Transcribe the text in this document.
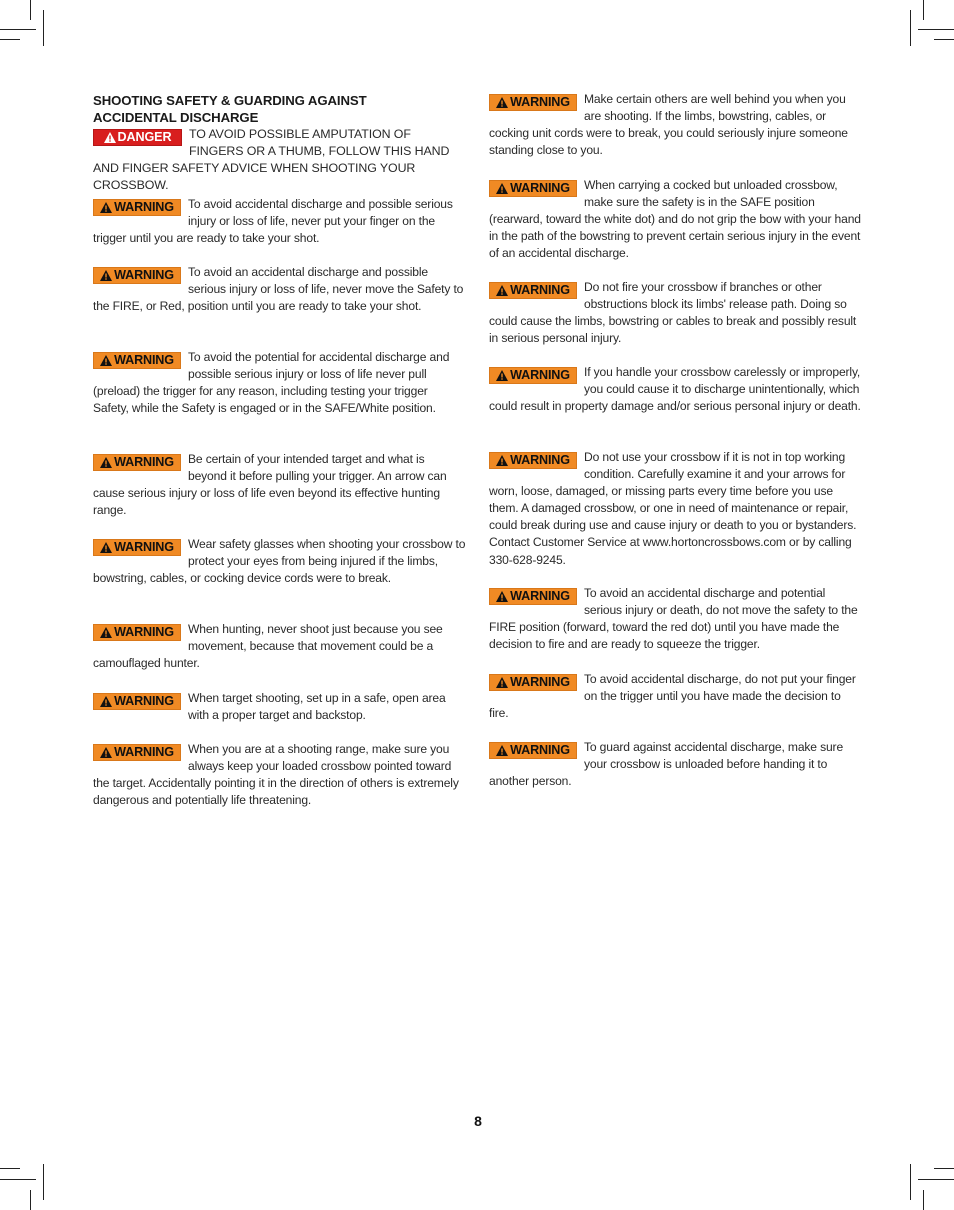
SHOOTING SAFETY & GUARDING AGAINST
ACCIDENTAL DISCHARGE
DANGER TO AVOID POSSIBLE AMPUTATION OF FINGERS OR A THUMB, FOLLOW THIS HAND AND FINGER SAFETY ADVICE WHEN SHOOTING YOUR CROSSBOW.
WARNING To avoid accidental discharge and possible serious injury or loss of life, never put your finger on the trigger until you are ready to take your shot.
WARNING To avoid an accidental discharge and possible serious injury or loss of life, never move the Safety to the FIRE, or Red, position until you are ready to take your shot.
WARNING To avoid the potential for accidental discharge and possible serious injury or loss of life never pull (preload) the trigger for any reason, including testing your trigger Safety, while the Safety is engaged or in the SAFE/White position.
WARNING Be certain of your intended target and what is beyond it before pulling your trigger. An arrow can cause serious injury or loss of life even beyond its effective hunting range.
WARNING Wear safety glasses when shooting your crossbow to protect your eyes from being injured if the limbs, bowstring, cables, or cocking device cords were to break.
WARNING When hunting, never shoot just because you see movement, because that movement could be a camouflaged hunter.
WARNING When target shooting, set up in a safe, open area with a proper target and backstop.
WARNING When you are at a shooting range, make sure you always keep your loaded crossbow pointed toward the target. Accidentally pointing it in the direction of others is extremely dangerous and potentially life threatening.
WARNING Make certain others are well behind you when you are shooting. If the limbs, bowstring, cables, or cocking unit cords were to break, you could seriously injure someone standing close to you.
WARNING When carrying a cocked but unloaded crossbow, make sure the safety is in the SAFE position (rearward, toward the white dot) and do not grip the bow with your hand in the path of the bowstring to prevent certain serious injury in the event of an accidental discharge.
WARNING Do not fire your crossbow if branches or other obstructions block its limbs' release path. Doing so could cause the limbs, bowstring or cables to break and possibly result in serious personal injury.
WARNING If you handle your crossbow carelessly or improperly, you could cause it to discharge unintentionally, which could result in property damage and/or serious personal injury or death.
WARNING Do not use your crossbow if it is not in top working condition. Carefully examine it and your arrows for worn, loose, damaged, or missing parts every time before you use them. A damaged crossbow, or one in need of maintenance or repair, could break during use and cause injury or death to you or bystanders. Contact Customer Service at www.hortoncrossbows.com or by calling 330-628-9245.
WARNING To avoid an accidental discharge and potential serious injury or death, do not move the safety to the FIRE position (forward, toward the red dot) until you have made the decision to fire and are ready to squeeze the trigger.
WARNING To avoid accidental discharge, do not put your finger on the trigger until you have made the decision to fire.
WARNING To guard against accidental discharge, make sure your crossbow is unloaded before handing it to another person.
8
